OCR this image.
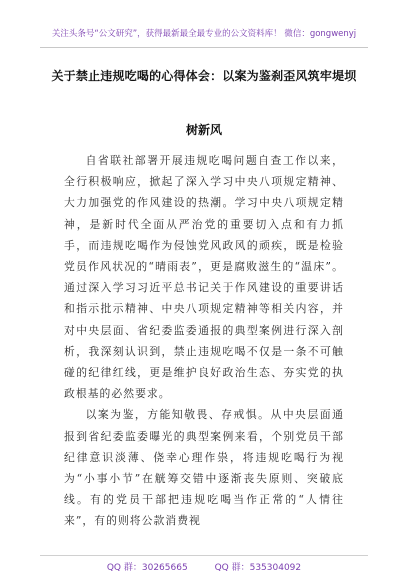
关注头条号“公文研究”，获得最新最全最专业的公文资料库！ 微信：gongwenyj
关于禁止违规吃喝的心得体会：以案为鉴刹歪风筑牢堤坝
树新风

自省联社部署开展违规吃喝问题自查工作以来，全行积极响应，掀起了深入学习中央八项规定精神、大力加强党的作风建设的热潮。学习中央八项规定精神，是新时代全面从严治党的重要切入点和有力抓手，而违规吃喝作为侵蚀党风政风的顽疾，既是检验党员作风状况的“晴雨表”，更是腐败滋生的“温床”。通过深入学习习近平总书记关于作风建设的重要讲话和指示批示精神、中央八项规定精神等相关内容，并对中央层面、省纪委监委通报的典型案例进行深入剖析，我深刻认识到，禁止违规吃喝不仅是一条不可触碰的纪律红线，更是维护良好政治生态、夯实党的执政根基的必然要求。

以案为鉴，方能知敬畏、存戒惧。从中央层面通报到省纪委监委曝光的典型案例来看，个别党员干部纪律意识淡薄、侥幸心理作祟，将违规吃喝行为视为“小事小节”在觥筹交错中逐渐丧失原则、突破底线。有的党员干部把违规吃喝当作正常的“人情往来”，有的则将公款消费视

QQ 群：30265665	QQ 群：535304092
